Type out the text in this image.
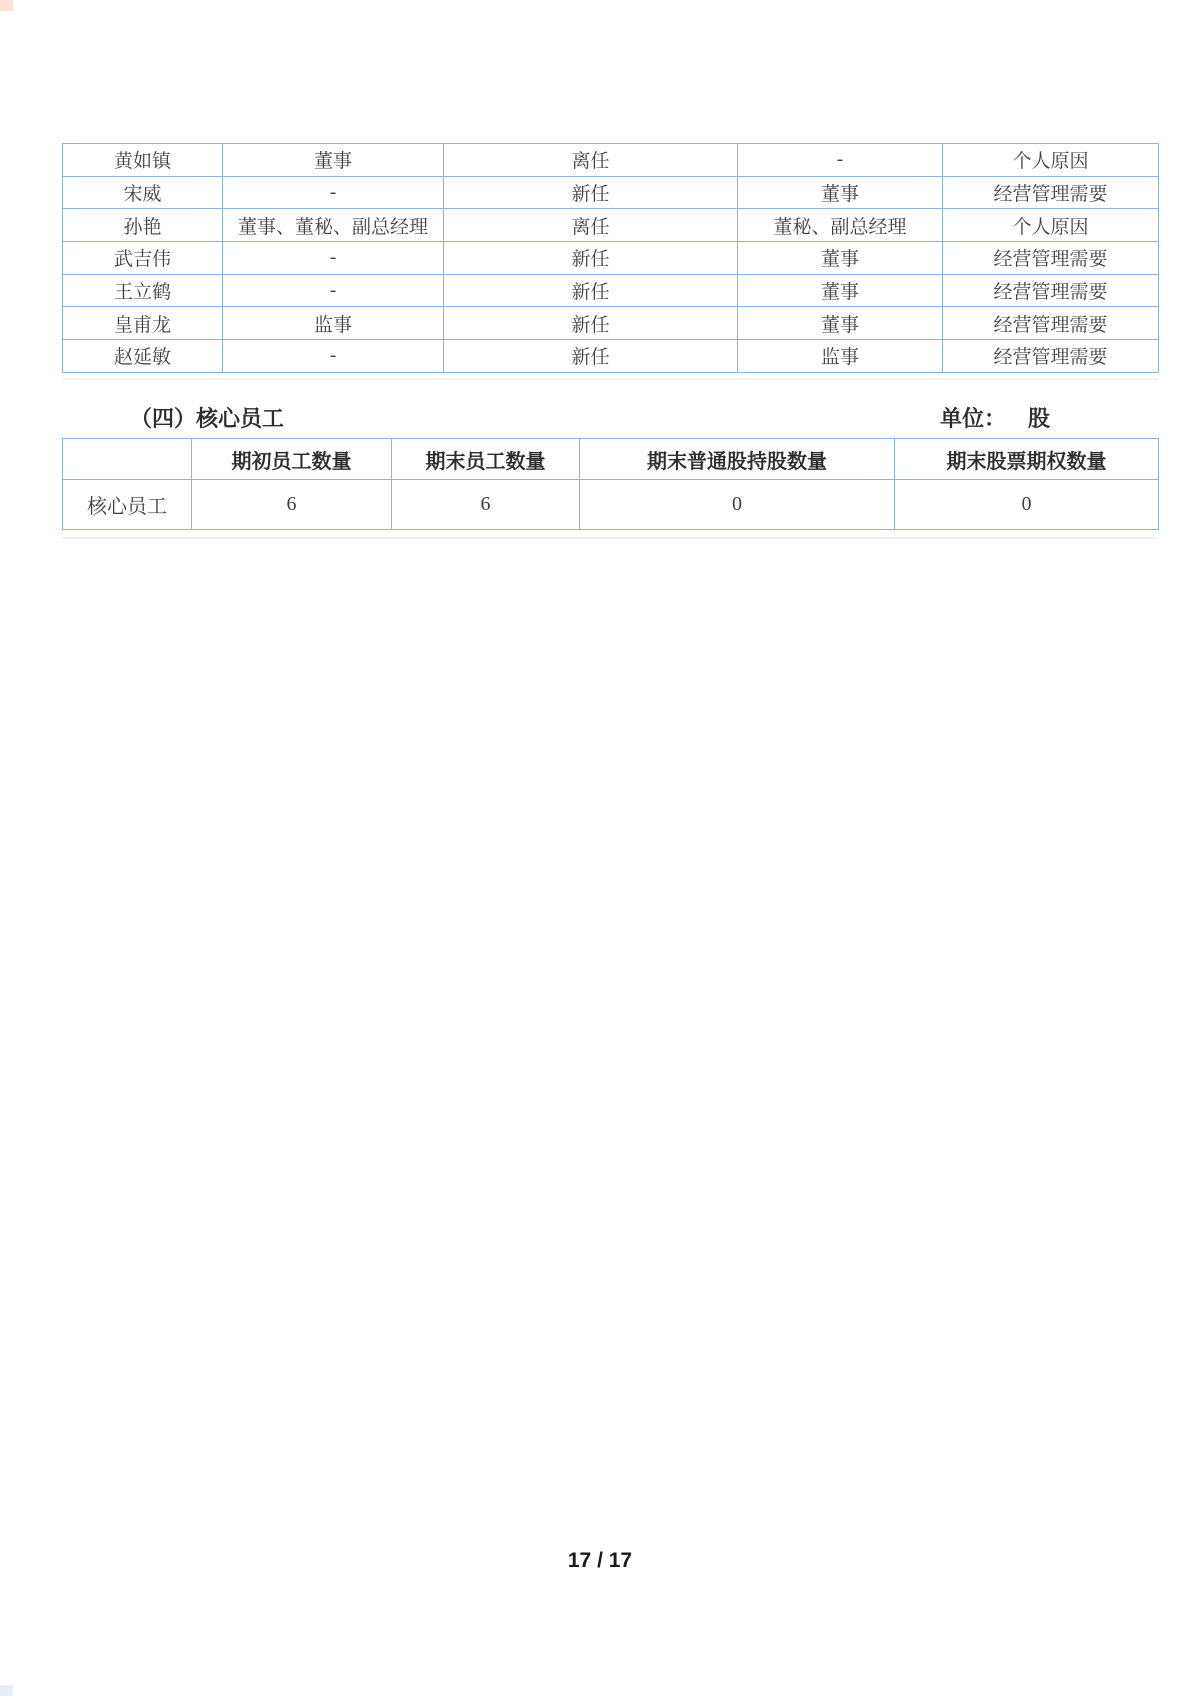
黄如镇	董事	离任	-	个人原因
宋威	-	新任	董事	经营管理需要
孙艳	董事、董秘、副总经理	离任	董秘、副总经理	个人原因
武吉伟	-	新任	董事	经营管理需要
王立鹤	-	新任	董事	经营管理需要
皇甫龙	监事	新任	董事	经营管理需要
赵延敏	-	新任	监事	经营管理需要
（四）核心员工	单位： 股
	期初员工数量	期末员工数量	期末普通股持股数量	期末股票期权数量
核心员工	6	6	0	0
17 / 17
